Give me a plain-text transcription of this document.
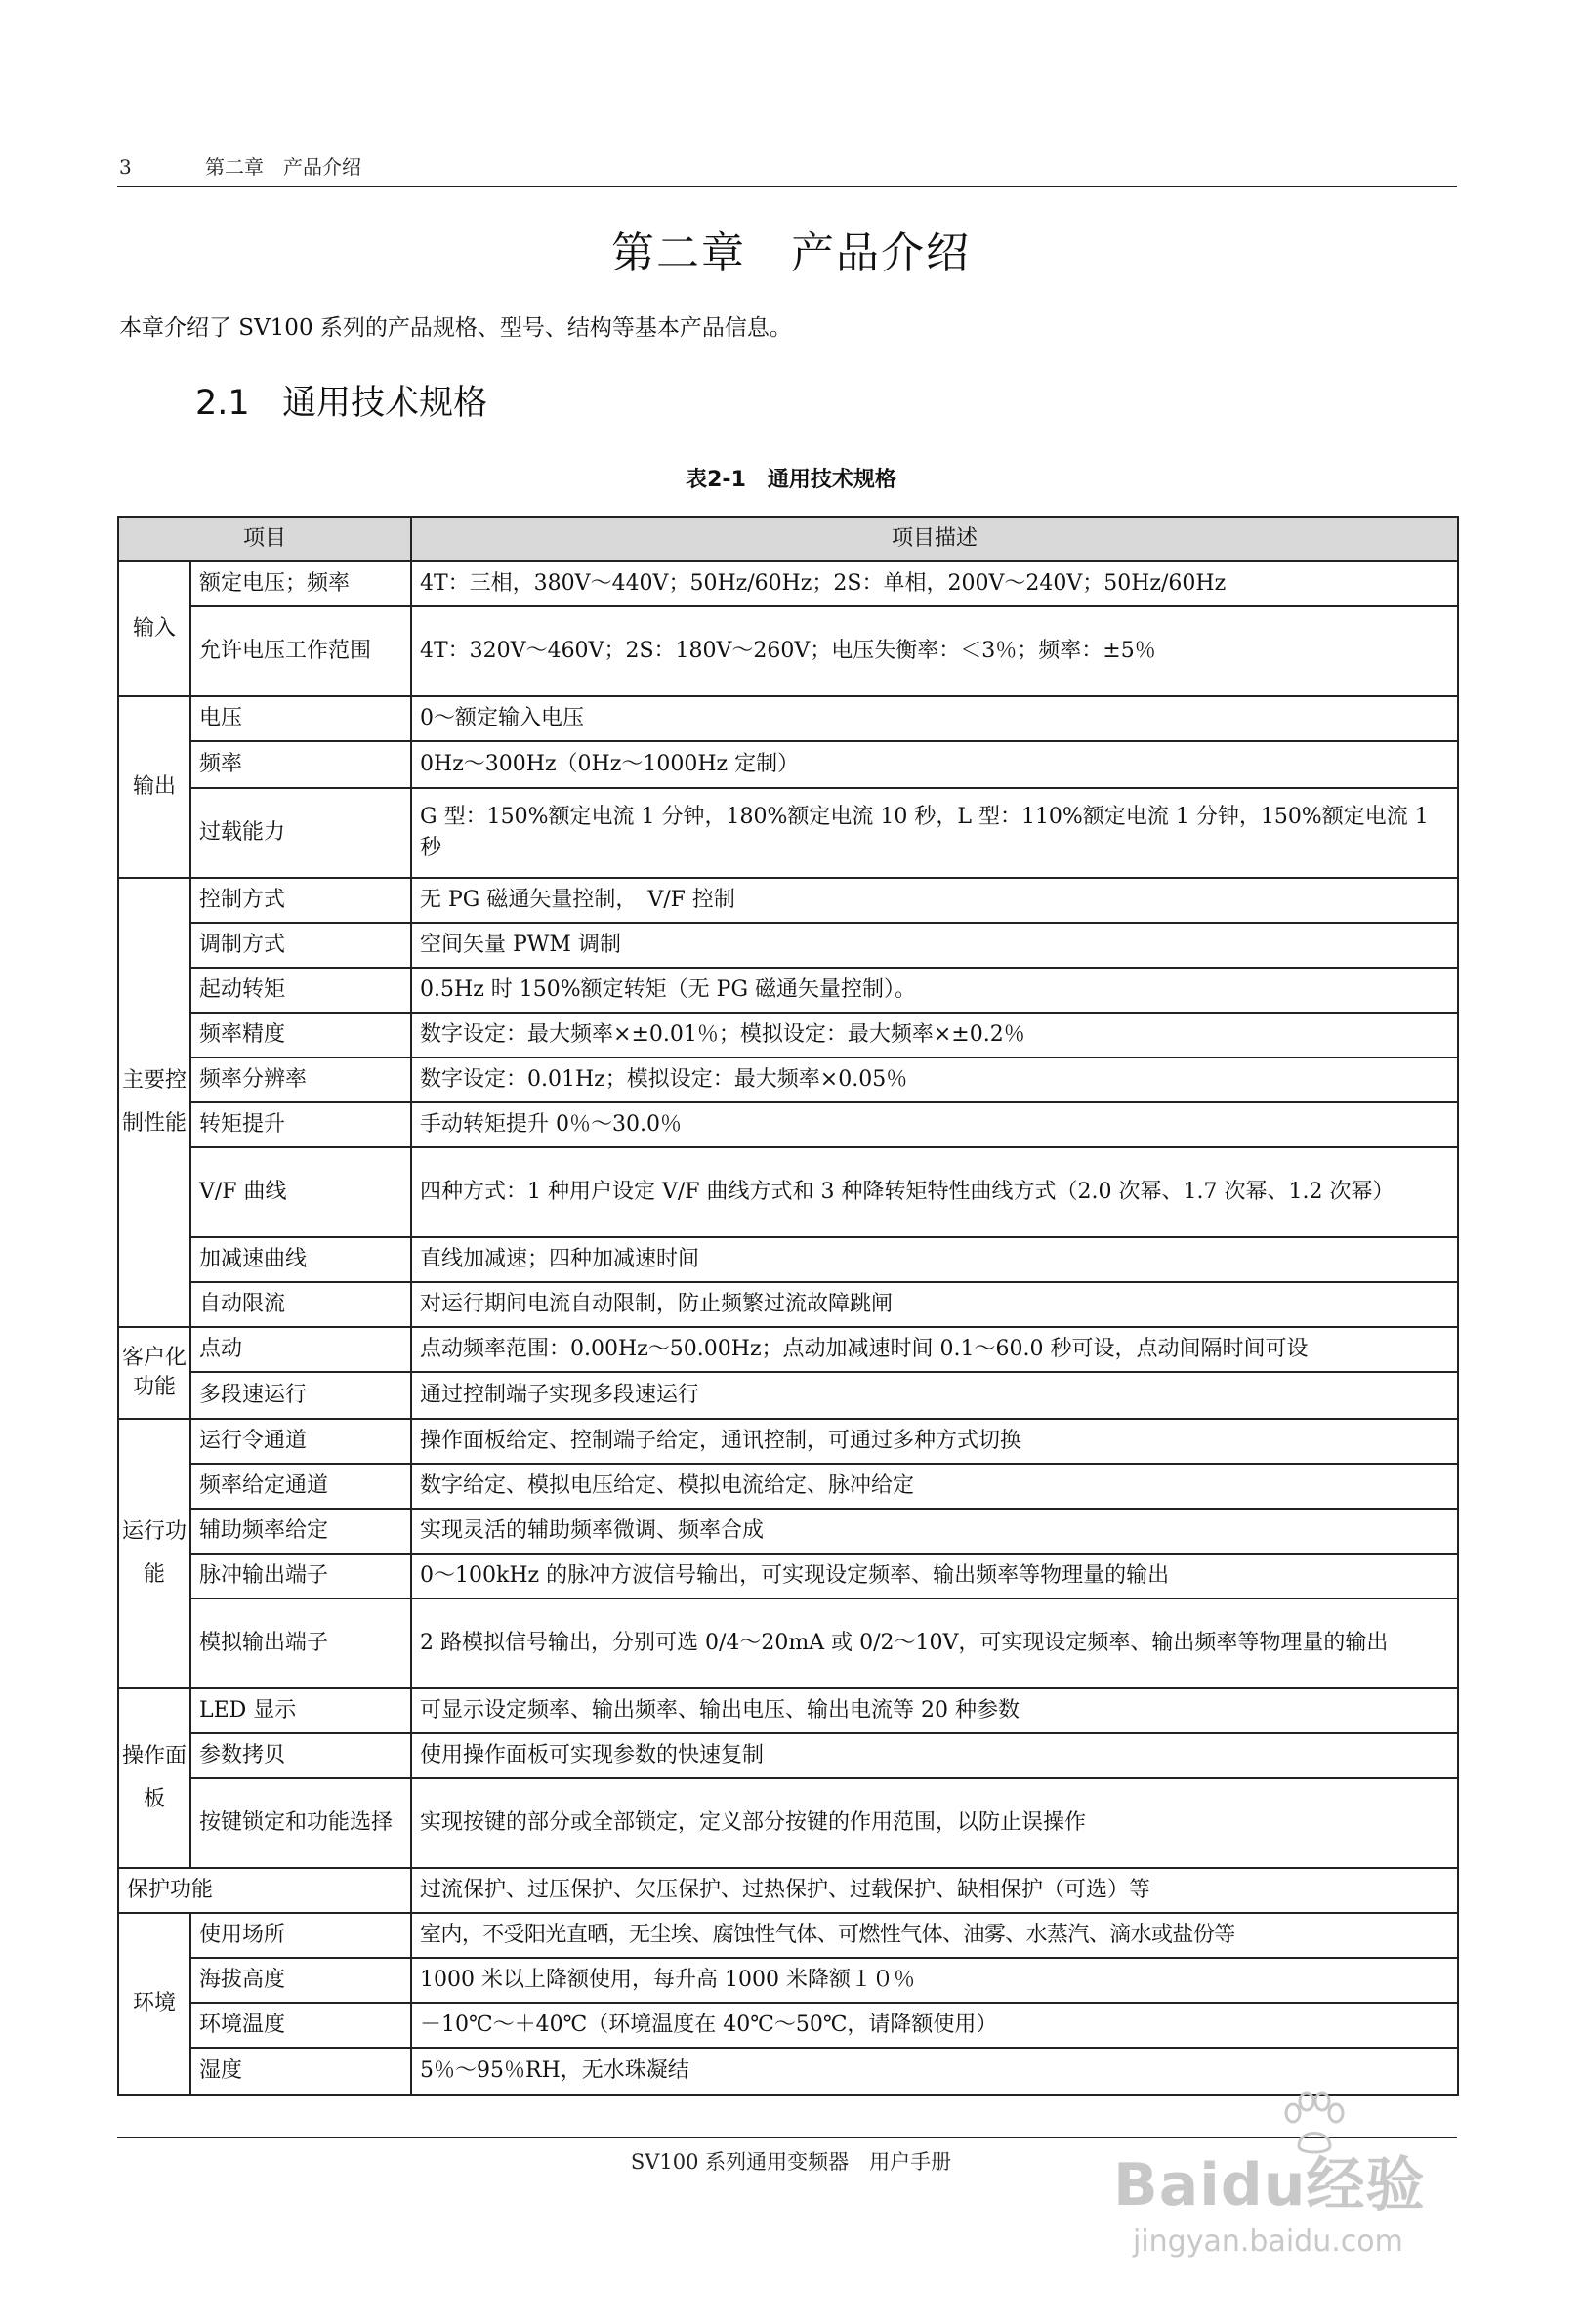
3	第二章　产品介绍
第二章　产品介绍
本章介绍了 SV100 系列的产品规格、型号、结构等基本产品信息。
2.1 通用技术规格
表2-1　通用技术规格
项目		项目描述
输入	额定电压；频率	4T：三相，380V～440V；50Hz/60Hz；2S：单相，200V～240V；50Hz/60Hz
	允许电压工作范围	4T：320V～460V；2S：180V～260V；电压失衡率：＜3％；频率：±5％
输出	电压	0～额定输入电压
	频率	0Hz～300Hz（0Hz～1000Hz 定制）
	过载能力	G 型：150%额定电流 1 分钟，180%额定电流 10 秒，L 型：110%额定电流 1 分钟，150%额定电流 1 秒
主要控制性能	控制方式	无 PG 磁通矢量控制，　V/F 控制
	调制方式	空间矢量 PWM 调制
	起动转矩	0.5Hz 时 150%额定转矩（无 PG 磁通矢量控制）。
	频率精度	数字设定：最大频率×±0.01％；模拟设定：最大频率×±0.2％
	频率分辨率	数字设定：0.01Hz；模拟设定：最大频率×0.05％
	转矩提升	手动转矩提升 0％～30.0％
	V/F 曲线	四种方式：1 种用户设定 V/F 曲线方式和 3 种降转矩特性曲线方式（2.0 次幂、1.7 次幂、1.2 次幂）
	加减速曲线	直线加减速；四种加减速时间
	自动限流	对运行期间电流自动限制，防止频繁过流故障跳闸
客户化功能	点动	点动频率范围：0.00Hz～50.00Hz；点动加减速时间 0.1～60.0 秒可设，点动间隔时间可设
	多段速运行	通过控制端子实现多段速运行
运行功能	运行令通道	操作面板给定、控制端子给定，通讯控制，可通过多种方式切换
	频率给定通道	数字给定、模拟电压给定、模拟电流给定、脉冲给定
	辅助频率给定	实现灵活的辅助频率微调、频率合成
	脉冲输出端子	0～100kHz 的脉冲方波信号输出，可实现设定频率、输出频率等物理量的输出
	模拟输出端子	2 路模拟信号输出，分别可选 0/4～20mA 或 0/2～10V，可实现设定频率、输出频率等物理量的输出
操作面板	LED 显示	可显示设定频率、输出频率、输出电压、输出电流等 20 种参数
	参数拷贝	使用操作面板可实现参数的快速复制
	按键锁定和功能选择	实现按键的部分或全部锁定，定义部分按键的作用范围，以防止误操作
保护功能		过流保护、过压保护、欠压保护、过热保护、过载保护、缺相保护（可选）等
环境	使用场所	室内，不受阳光直晒，无尘埃、腐蚀性气体、可燃性气体、油雾、水蒸汽、滴水或盐份等
	海拔高度	1000 米以上降额使用，每升高 1000 米降额１０％
	环境温度	－10℃～＋40℃（环境温度在 40℃～50℃，请降额使用）
	湿度	5％～95％RH，无水珠凝结
SV100 系列通用变频器　用户手册	Baidu经验
jingyan.baidu.com
